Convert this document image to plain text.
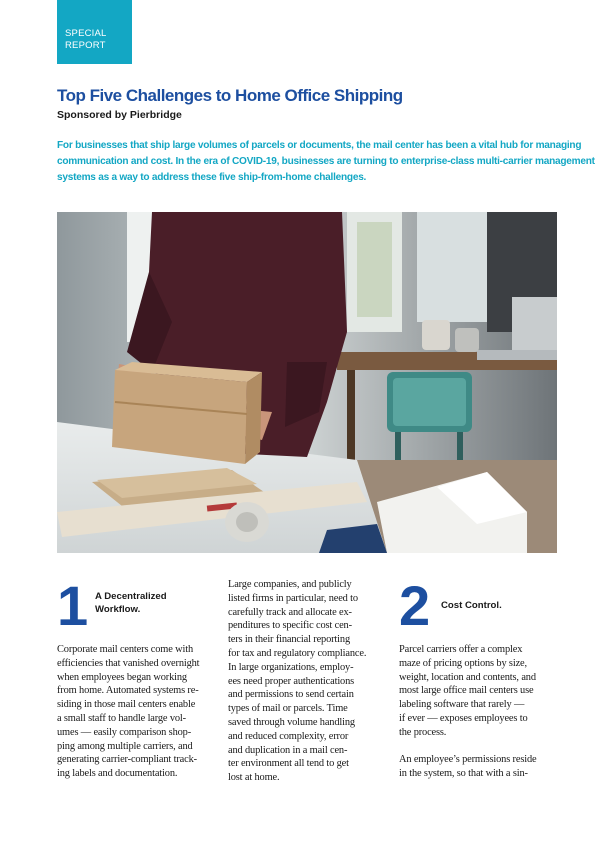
SPECIAL
REPORT
Top Five Challenges to Home Office Shipping

Sponsored by Pierbridge

For businesses that ship large volumes of parcels or documents, the mail center has been a vital hub for managing
communication and cost. In the era of COVID-19, businesses are turning to enterprise-class multi-carrier management
systems as a way to address these five ship-from-home challenges.
1 A Decentralized
Workflow.
Corporate mail centers come with
efficiencies that vanished overnight
when employees began working
from home. Automated systems re-
siding in those mail centers enable
a small staff to handle large vol-
umes — easily comparison shop-
ping among multiple carriers, and
generating carrier-compliant track-
ing labels and documentation.
Large companies, and publicly
listed firms in particular, need to
carefully track and allocate ex-
penditures to specific cost cen-
ters in their financial reporting
for tax and regulatory compliance.
In large organizations, employ-
ees need proper authentications
and permissions to send certain
types of mail or parcels. Time
saved through volume handling
and reduced complexity, error
and duplication in a mail cen-
ter environment all tend to get
lost at home.
2 Cost Control.
Parcel carriers offer a complex
maze of pricing options by size,
weight, location and contents, and
most large office mail centers use
labeling software that rarely —
if ever — exposes employees to
the process.
An employee’s permissions reside
in the system, so that with a sin-
